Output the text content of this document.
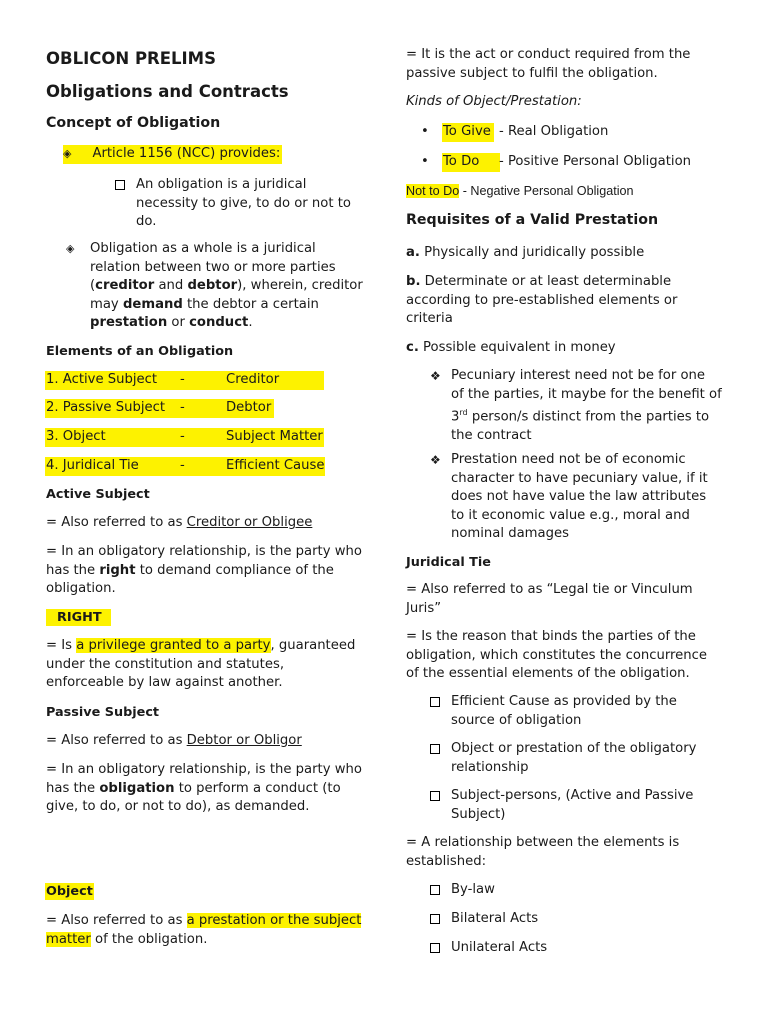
OBLICON PRELIMS
Obligations and Contracts
Concept of Obligation
◈ Article 1156 (NCC) provides:
An obligation is a juridical
necessity to give, to do or not to
do.
◈ Obligation as a whole is a juridical
relation between two or more parties
(creditor and debtor), wherein, creditor
may demand the debtor a certain
prestation or conduct.
Elements of an Obligation
1. Active Subject -	Creditor
2. Passive Subject -	Debtor
3. Object	-	Subject Matter
4. Juridical Tie	-	Efficient Cause
Active Subject
= Also referred to as Creditor or Obligee
= In an obligatory relationship, is the party who
has the right to demand compliance of the
obligation.
RIGHT
= Is a privilege granted to a party, guaranteed
under the constitution and statutes,
enforceable by law against another.
Passive Subject
= Also referred to as Debtor or Obligor
= In an obligatory relationship, is the party who
has the obligation to perform a conduct (to
give, to do, or not to do), as demanded.
Object
= Also referred to as a prestation or the subject
matter of the obligation.
= It is the act or conduct required from the
passive subject to fulfil the obligation.
Kinds of Object/Prestation:
• To Give - Real Obligation
• To Do	- Positive Personal Obligation
Not to Do - Negative Personal Obligation
Requisites of a Valid Prestation
a. Physically and juridically possible
b. Determinate or at least determinable
according to pre-established elements or
criteria
c. Possible equivalent in money
❖ Pecuniary interest need not be for one
of the parties, it maybe for the benefit of
3rd person/s distinct from the parties to
the contract
❖ Prestation need not be of economic
character to have pecuniary value, if it
does not have value the law attributes
to it economic value e.g., moral and
nominal damages
Juridical Tie
= Also referred to as “Legal tie or Vinculum
Juris”
= Is the reason that binds the parties of the
obligation, which constitutes the concurrence
of the essential elements of the obligation.
Efficient Cause as provided by the
source of obligation
Object or prestation of the obligatory
relationship
Subject-persons, (Active and Passive
Subject)
= A relationship between the elements is
established:
By-law
Bilateral Acts
Unilateral Acts
